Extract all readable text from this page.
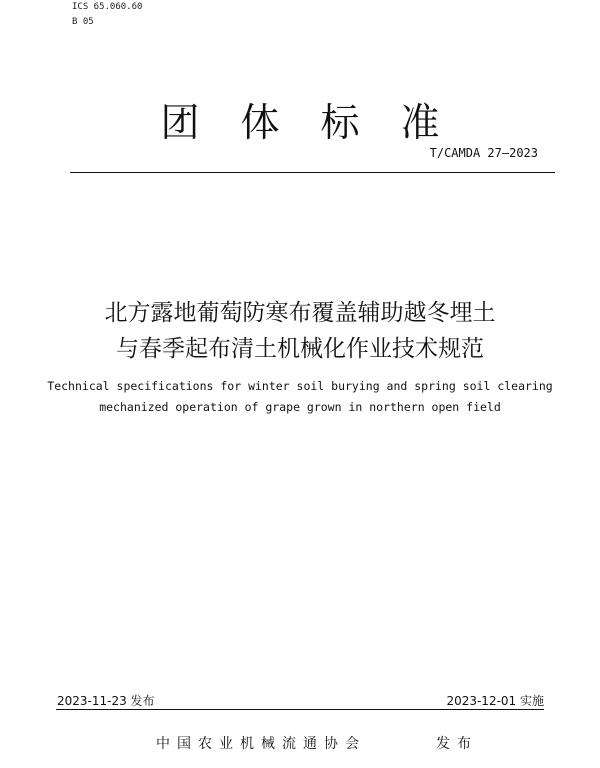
ICS 65.060.60
B 05
团体标准
T/CAMDA 27—2023
北方露地葡萄防寒布覆盖辅助越冬埋土
与春季起布清土机械化作业技术规范
Technical specifications for winter soil burying and spring soil clearing
mechanized operation of grape grown in northern open field
2023-11-23 发布	2023-12-01 实施
中国农业机械流通协会	发布
